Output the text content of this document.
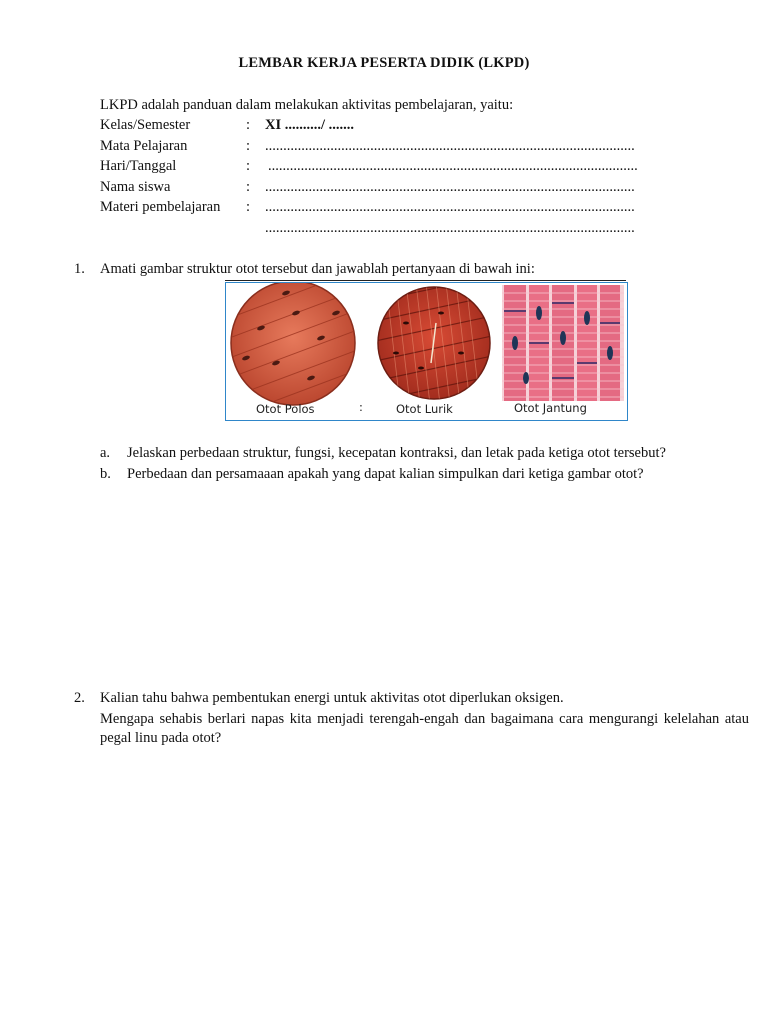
LEMBAR KERJA PESERTA DIDIK (LKPD)
LKPD adalah panduan dalam melakukan aktivitas pembelajaran, yaitu:
Kelas/Semester	: XI ........../ .......
Mata Pelajaran	: ......................................................................................................
Hari/Tanggal	: ......................................................................................................
Nama siswa	: ......................................................................................................
Materi pembelajaran : ......................................................................................................
......................................................................................................
1. Amati gambar struktur otot tersebut dan jawablah pertanyaan di bawah ini:
Otot Polos	:	Otot Lurik	Otot Jantung
a. Jelaskan perbedaan struktur, fungsi, kecepatan kontraksi, dan letak pada ketiga otot tersebut?
b. Perbedaan dan persamaaan apakah yang dapat kalian simpulkan dari ketiga gambar otot?
2. Kalian tahu bahwa pembentukan energi untuk aktivitas otot diperlukan oksigen.
Mengapa sehabis berlari napas kita menjadi terengah-engah dan bagaimana cara mengurangi kelelahan atau pegal linu pada otot?
